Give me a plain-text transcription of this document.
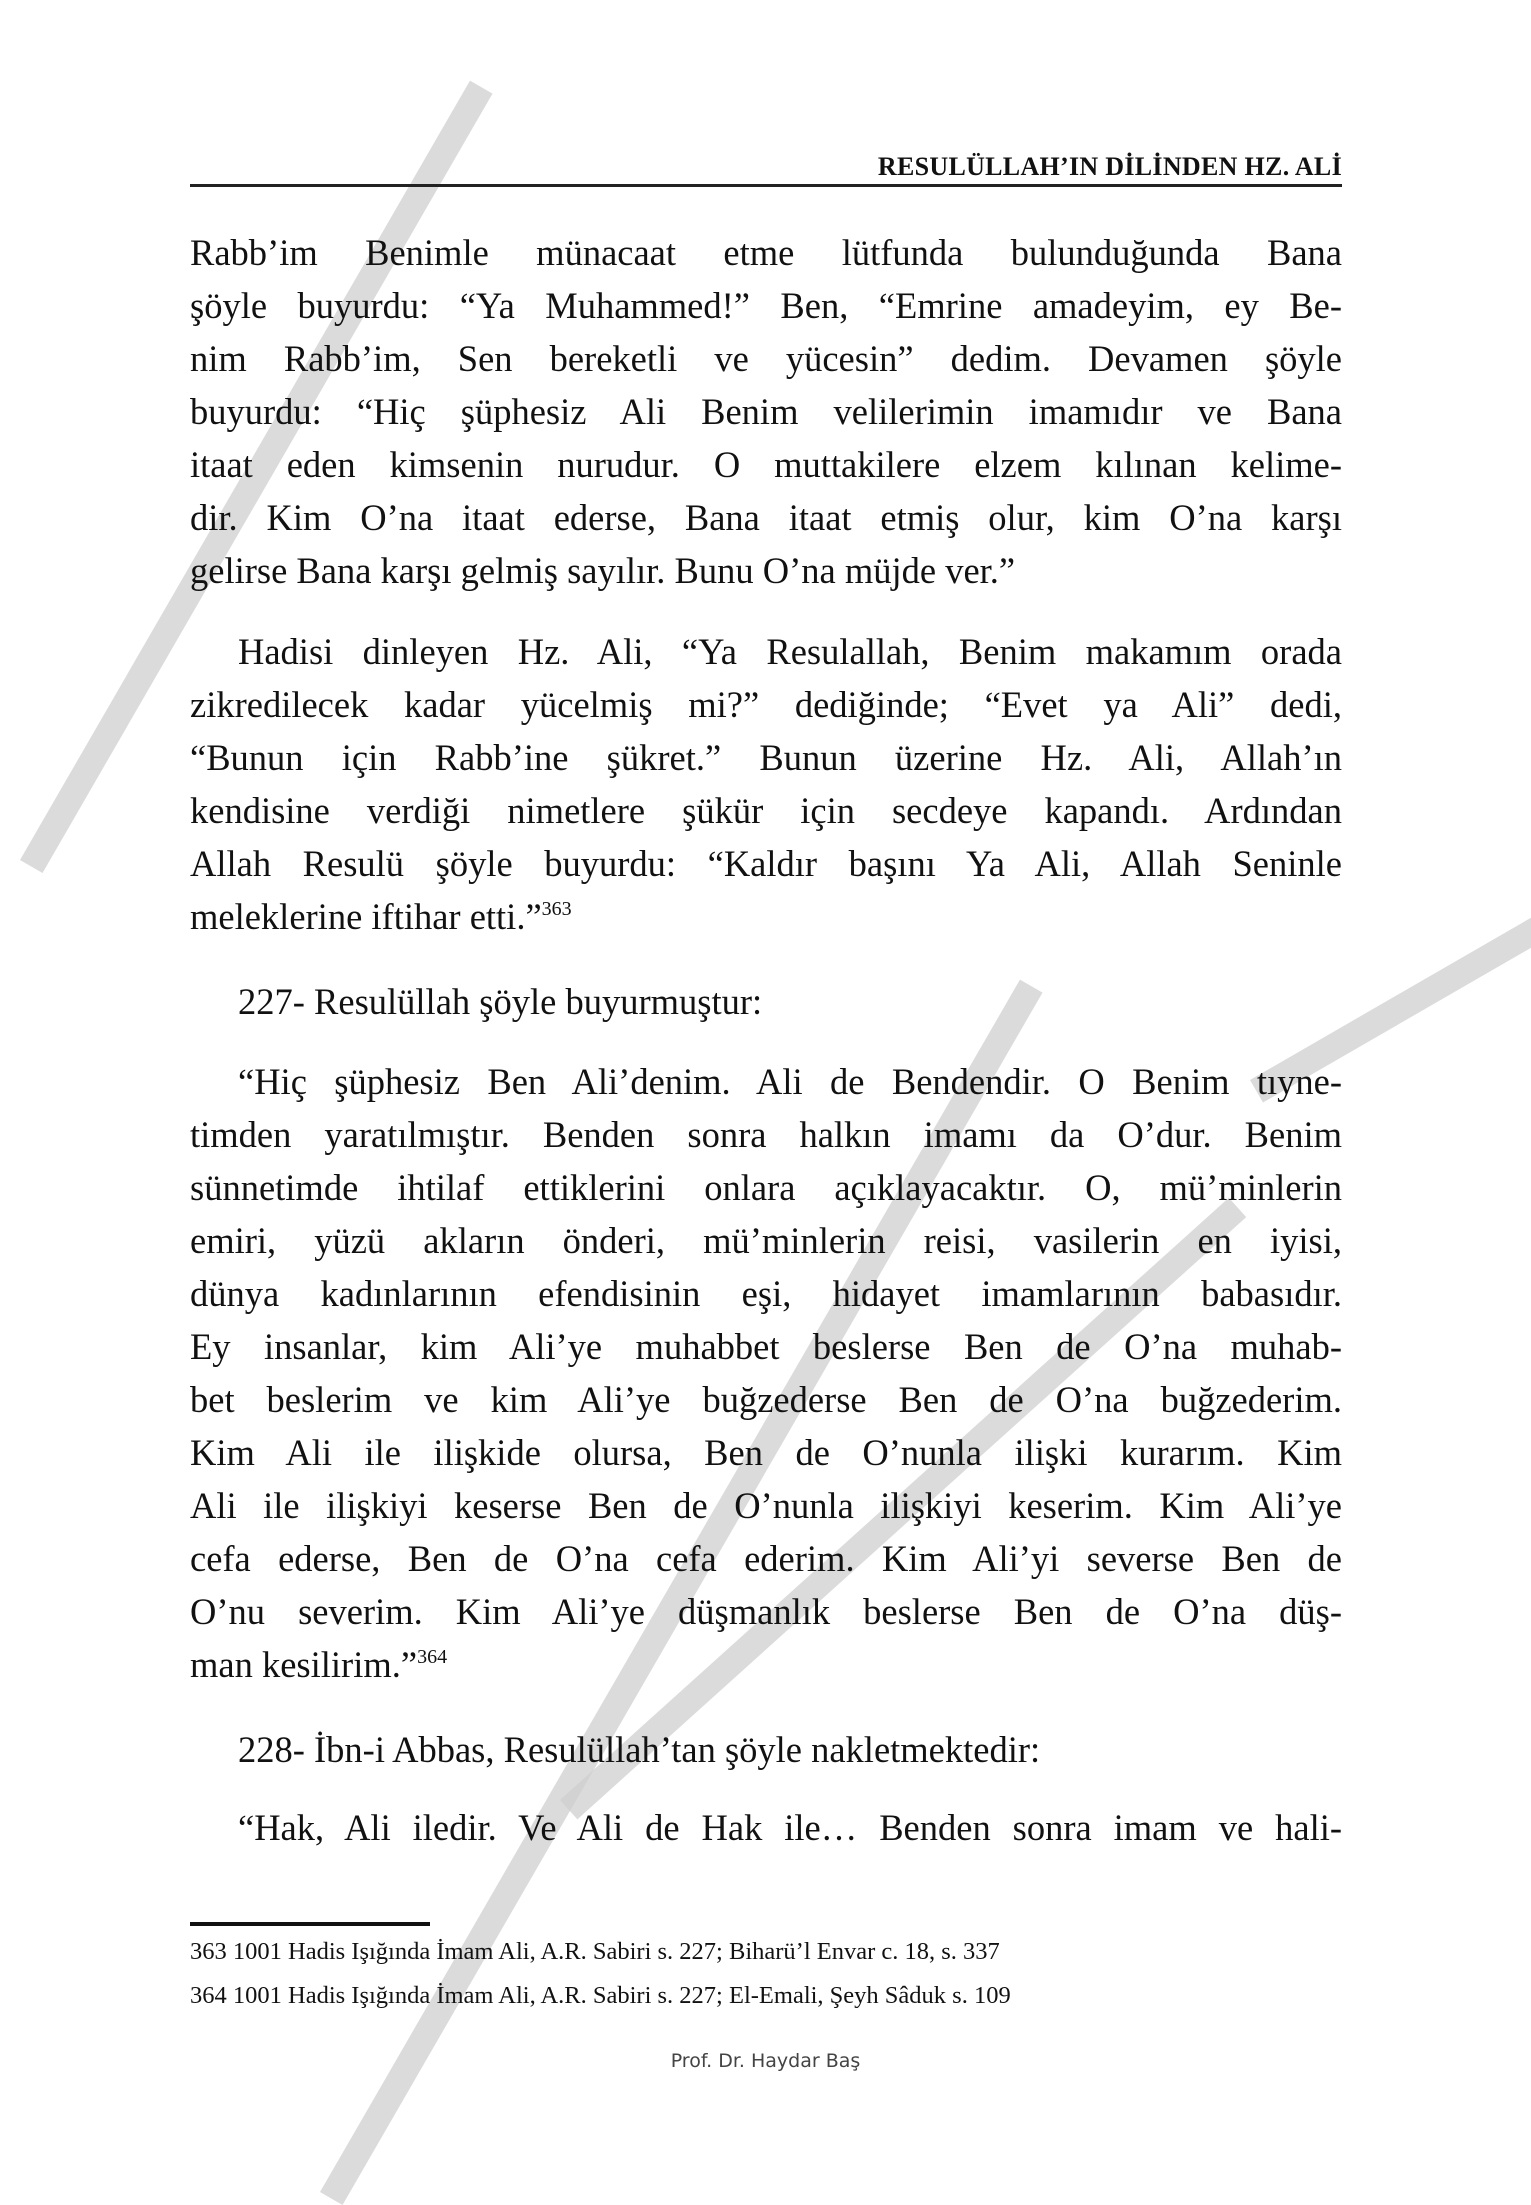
RESULÜLLAH’IN DİLİNDEN HZ. ALİ
Rabb’im Benimle münacaat etme lütfunda bulunduğunda Bana
şöyle buyurdu: “Ya Muhammed!” Ben, “Emrine amadeyim, ey Be-
nim Rabb’im, Sen bereketli ve yücesin” dedim. Devamen şöyle
buyurdu: “Hiç şüphesiz Ali Benim velilerimin imamıdır ve Bana
itaat eden kimsenin nurudur. O muttakilere elzem kılınan kelime-
dir. Kim O’na itaat ederse, Bana itaat etmiş olur, kim O’na karşı
gelirse Bana karşı gelmiş sayılır. Bunu O’na müjde ver.”
Hadisi dinleyen Hz. Ali, “Ya Resulallah, Benim makamım orada
zikredilecek kadar yücelmiş mi?” dediğinde; “Evet ya Ali” dedi,
“Bunun için Rabb’ine şükret.” Bunun üzerine Hz. Ali, Allah’ın
kendisine verdiği nimetlere şükür için secdeye kapandı. Ardından
Allah Resulü şöyle buyurdu: “Kaldır başını Ya Ali, Allah Seninle
meleklerine iftihar etti.”$^{363}$
227- Resulüllah şöyle buyurmuştur:
“Hiç şüphesiz Ben Ali’denim. Ali de Bendendir. O Benim tıyne-
timden yaratılmıştır. Benden sonra halkın imamı da O’dur. Benim
sünnetimde ihtilaf ettiklerini onlara açıklayacaktır. O, mü’minlerin
emiri, yüzü akların önderi, mü’minlerin reisi, vasilerin en iyisi,
dünya kadınlarının efendisinin eşi, hidayet imamlarının babasıdır.
Ey insanlar, kim Ali’ye muhabbet beslerse Ben de O’na muhab-
bet beslerim ve kim Ali’ye buğzederse Ben de O’na buğzederim.
Kim Ali ile ilişkide olursa, Ben de O’nunla ilişki kurarım. Kim
Ali ile ilişkiyi keserse Ben de O’nunla ilişkiyi keserim. Kim Ali’ye
cefa ederse, Ben de O’na cefa ederim. Kim Ali’yi severse Ben de
O’nu severim. Kim Ali’ye düşmanlık beslerse Ben de O’na düş-
man kesilirim.”$^{364}$
228- İbn-i Abbas, Resulüllah’tan şöyle nakletmektedir:
“Hak, Ali iledir. Ve Ali de Hak ile… Benden sonra imam ve hali-
363 1001 Hadis Işığında İmam Ali, A.R. Sabiri s. 227; Biharü’l Envar c. 18, s. 337
364 1001 Hadis Işığında İmam Ali, A.R. Sabiri s. 227; El-Emali, Şeyh Sâduk s. 109
Prof. Dr. Haydar Baş
